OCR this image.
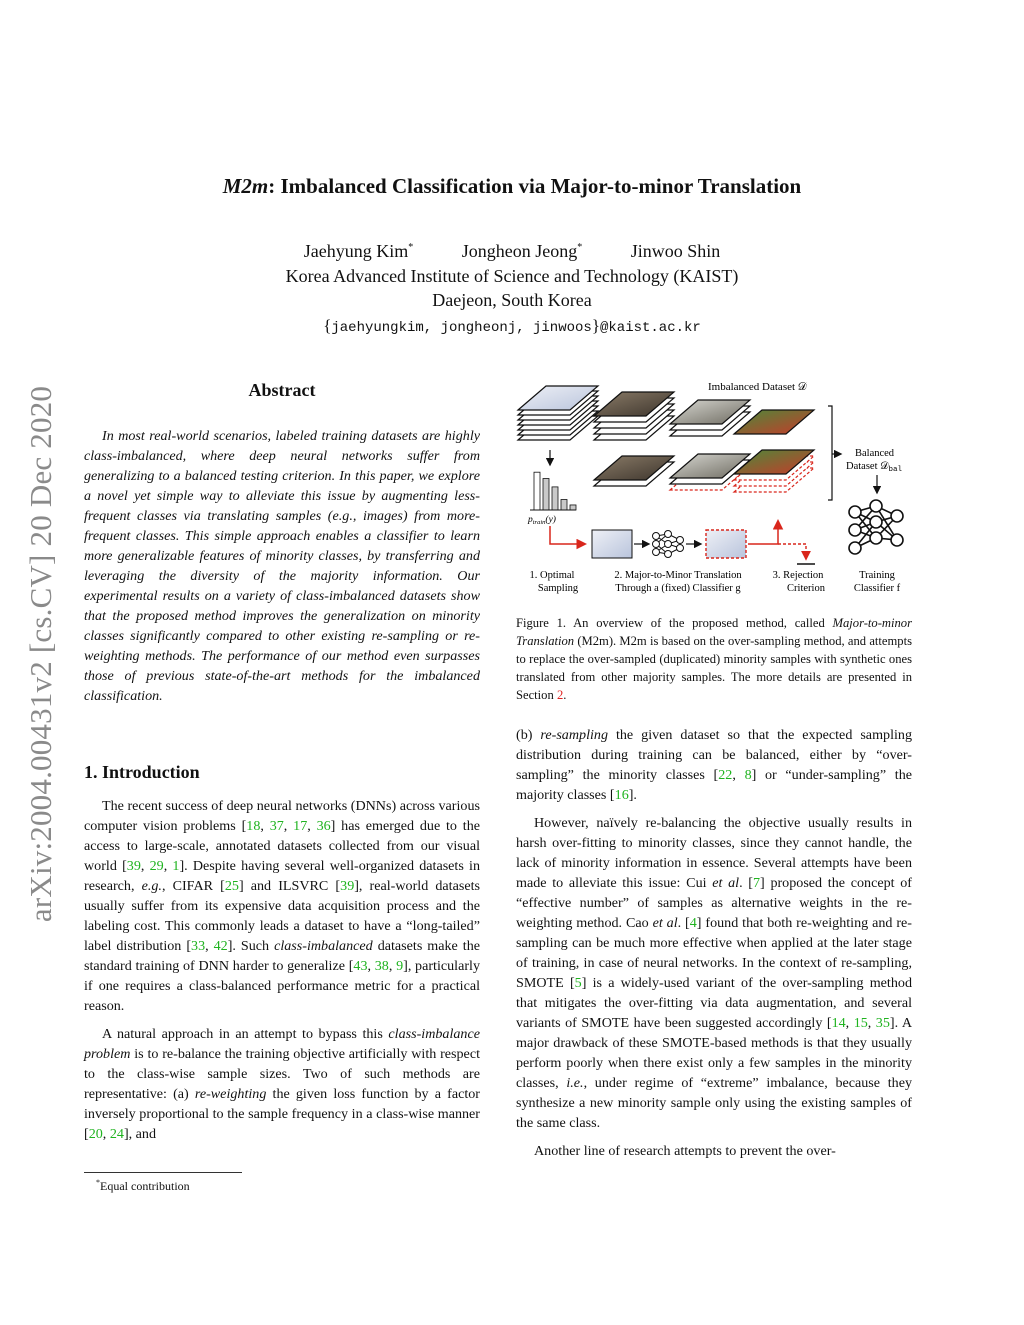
arXiv:2004.00431v2 [cs.CV] 20 Dec 2020
M2m: Imbalanced Classification via Major-to-minor Translation
Jaehyung Kim*	Jongheon Jeong*	Jinwoo Shin
Korea Advanced Institute of Science and Technology (KAIST)
Daejeon, South Korea
{jaehyungkim, jongheonj, jinwoos}@kaist.ac.kr
Abstract
In most real-world scenarios, labeled training datasets are highly class-imbalanced, where deep neural networks suffer from generalizing to a balanced testing criterion. In this paper, we explore a novel yet simple way to alleviate this issue by augmenting less-frequent classes via translating samples (e.g., images) from more-frequent classes. This simple approach enables a classifier to learn more generalizable features of minority classes, by transferring and leveraging the diversity of the majority information. Our experimental results on a variety of class-imbalanced datasets show that the proposed method improves the generalization on minority classes significantly compared to other existing re-sampling or re-weighting methods. The performance of our method even surpasses those of previous state-of-the-art methods for the imbalanced classification.
1. Introduction

The recent success of deep neural networks (DNNs) across various computer vision problems [18, 37, 17, 36] has emerged due to the access to large-scale, annotated datasets collected from our visual world [39, 29, 1]. Despite having several well-organized datasets in research, e.g., CIFAR [25] and ILSVRC [39], real-world datasets usually suffer from its expensive data acquisition process and the labeling cost. This commonly leads a dataset to have a “long-tailed” label distribution [33, 42]. Such class-imbalanced datasets make the standard training of DNN harder to generalize [43, 38, 9], particularly if one requires a class-balanced performance metric for a practical reason.

A natural approach in an attempt to bypass this class-imbalance problem is to re-balance the training objective artificially with respect to the class-wise sample sizes. Two of such methods are representative: (a) re-weighting the given loss function by a factor inversely proportional to the sample frequency in a class-wise manner [20, 24], and

*Equal contribution
Imbalanced Dataset 𝒟
Balanced
Dataset 𝒟bal
$p_{train}(y)$
1. Optimal
Sampling
2. Major-to-Minor Translation
Through a (fixed) Classifier g
3. Rejection
Criterion
Training
Classifier f
Figure 1. An overview of the proposed method, called Major-to-minor Translation (M2m). M2m is based on the over-sampling method, and attempts to replace the over-sampled (duplicated) minority samples with synthetic ones translated from other majority samples. The more details are presented in Section 2.

(b) re-sampling the given dataset so that the expected sampling distribution during training can be balanced, either by “over-sampling” the minority classes [22, 8] or “under-sampling” the majority classes [16].

However, naïvely re-balancing the objective usually results in harsh over-fitting to minority classes, since they cannot handle, the lack of minority information in essence. Several attempts have been made to alleviate this issue: Cui et al. [7] proposed the concept of “effective number” of samples as alternative weights in the re-weighting method. Cao et al. [4] found that both re-weighting and re-sampling can be much more effective when applied at the later stage of training, in case of neural networks. In the context of re-sampling, SMOTE [5] is a widely-used variant of the over-sampling method that mitigates the over-fitting via data augmentation, and several variants of SMOTE have been suggested accordingly [14, 15, 35]. A major drawback of these SMOTE-based methods is that they usually perform poorly when there exist only a few samples in the minority classes, i.e., under regime of “extreme” imbalance, because they synthesize a new minority sample only using the existing samples of the same class.

Another line of research attempts to prevent the over-
